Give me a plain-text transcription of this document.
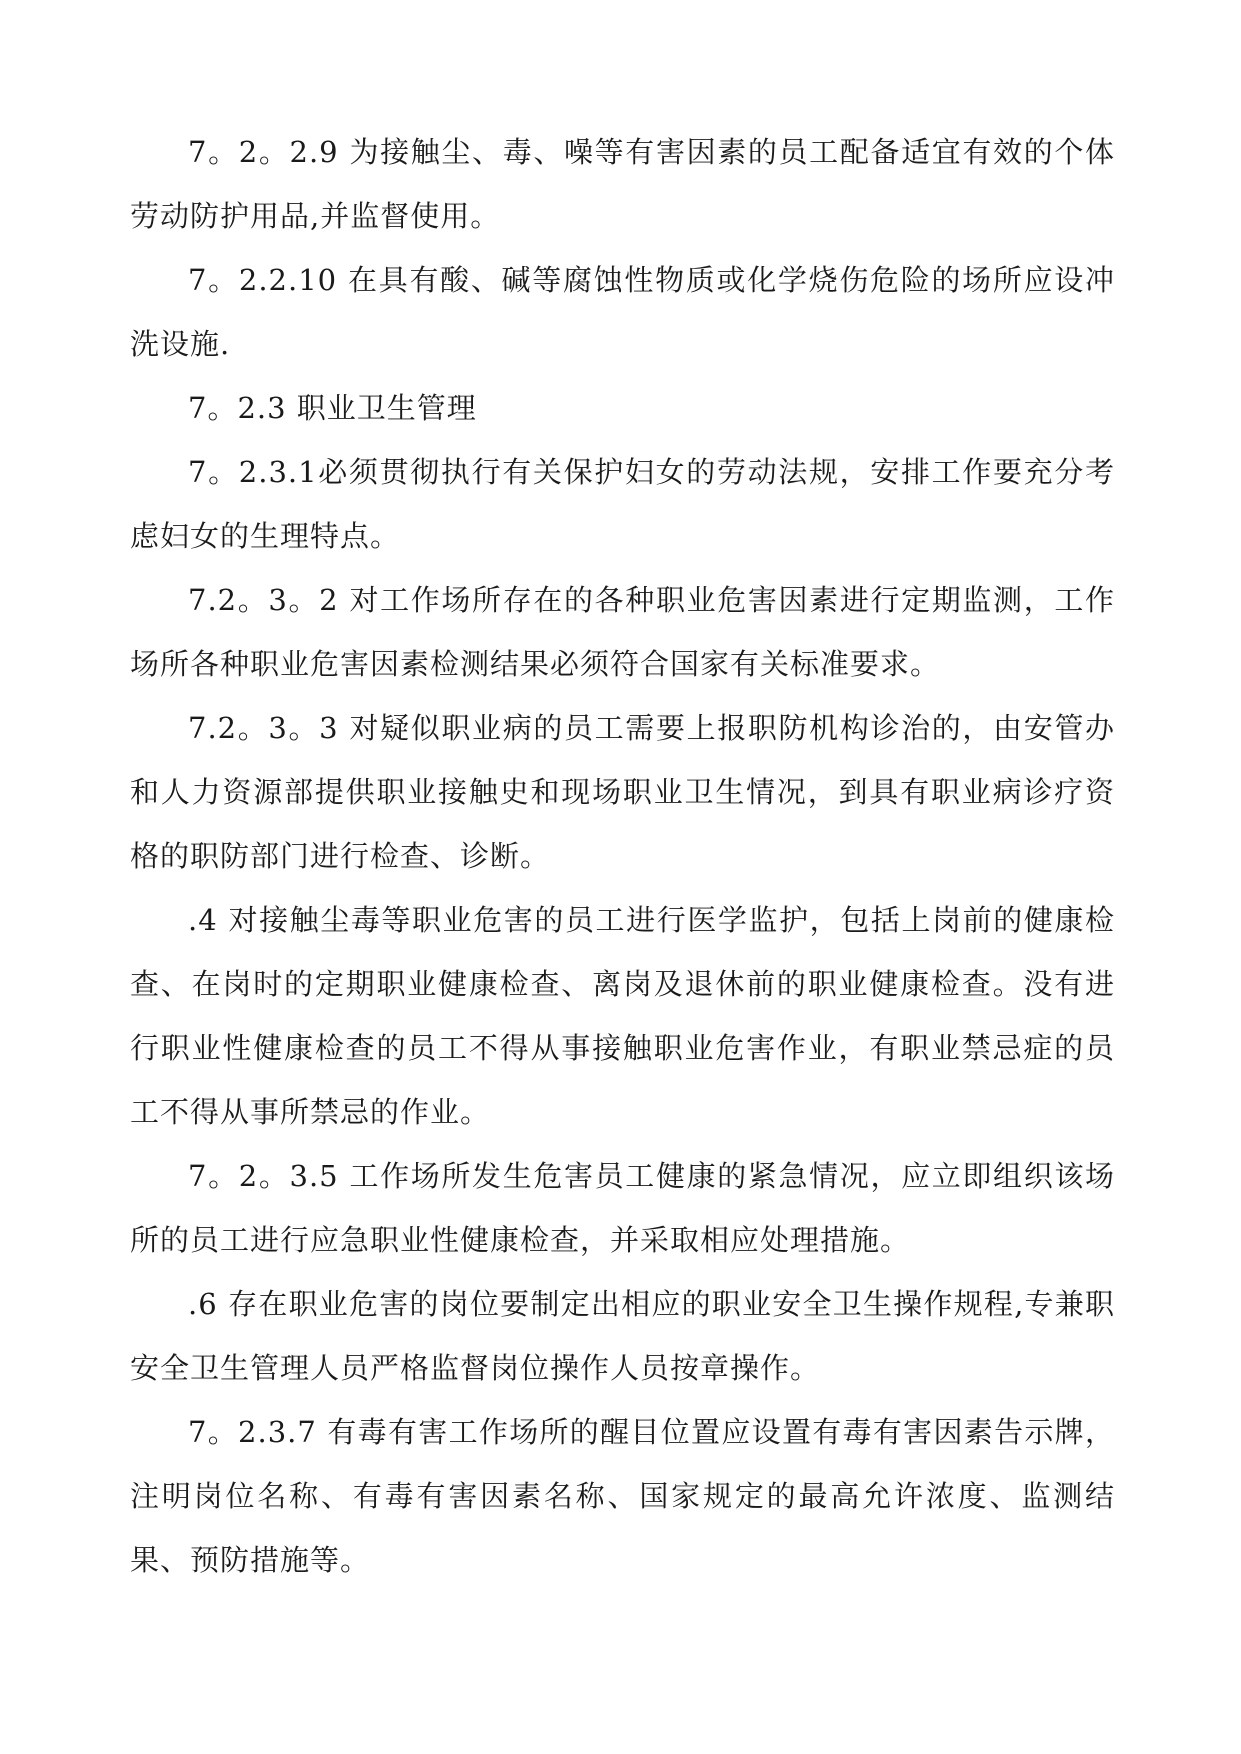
7。2。2.9 为接触尘、毒、噪等有害因素的员工配备适宜有效的个体劳动防护用品,并监督使用。

7。2.2.10 在具有酸、碱等腐蚀性物质或化学烧伤危险的场所应设冲洗设施.

7。2.3 职业卫生管理

7。2.3.1必须贯彻执行有关保护妇女的劳动法规，安排工作要充分考虑妇女的生理特点。

7.2。3。2 对工作场所存在的各种职业危害因素进行定期监测，工作场所各种职业危害因素检测结果必须符合国家有关标准要求。

7.2。3。3 对疑似职业病的员工需要上报职防机构诊治的，由安管办和人力资源部提供职业接触史和现场职业卫生情况，到具有职业病诊疗资格的职防部门进行检查、诊断。

.4 对接触尘毒等职业危害的员工进行医学监护，包括上岗前的健康检查、在岗时的定期职业健康检查、离岗及退休前的职业健康检查。没有进行职业性健康检查的员工不得从事接触职业危害作业，有职业禁忌症的员工不得从事所禁忌的作业。

7。2。3.5 工作场所发生危害员工健康的紧急情况，应立即组织该场所的员工进行应急职业性健康检查，并采取相应处理措施。

.6 存在职业危害的岗位要制定出相应的职业安全卫生操作规程,专兼职安全卫生管理人员严格监督岗位操作人员按章操作。

7。2.3.7 有毒有害工作场所的醒目位置应设置有毒有害因素告示牌，注明岗位名称、有毒有害因素名称、国家规定的最高允许浓度、监测结果、预防措施等。
